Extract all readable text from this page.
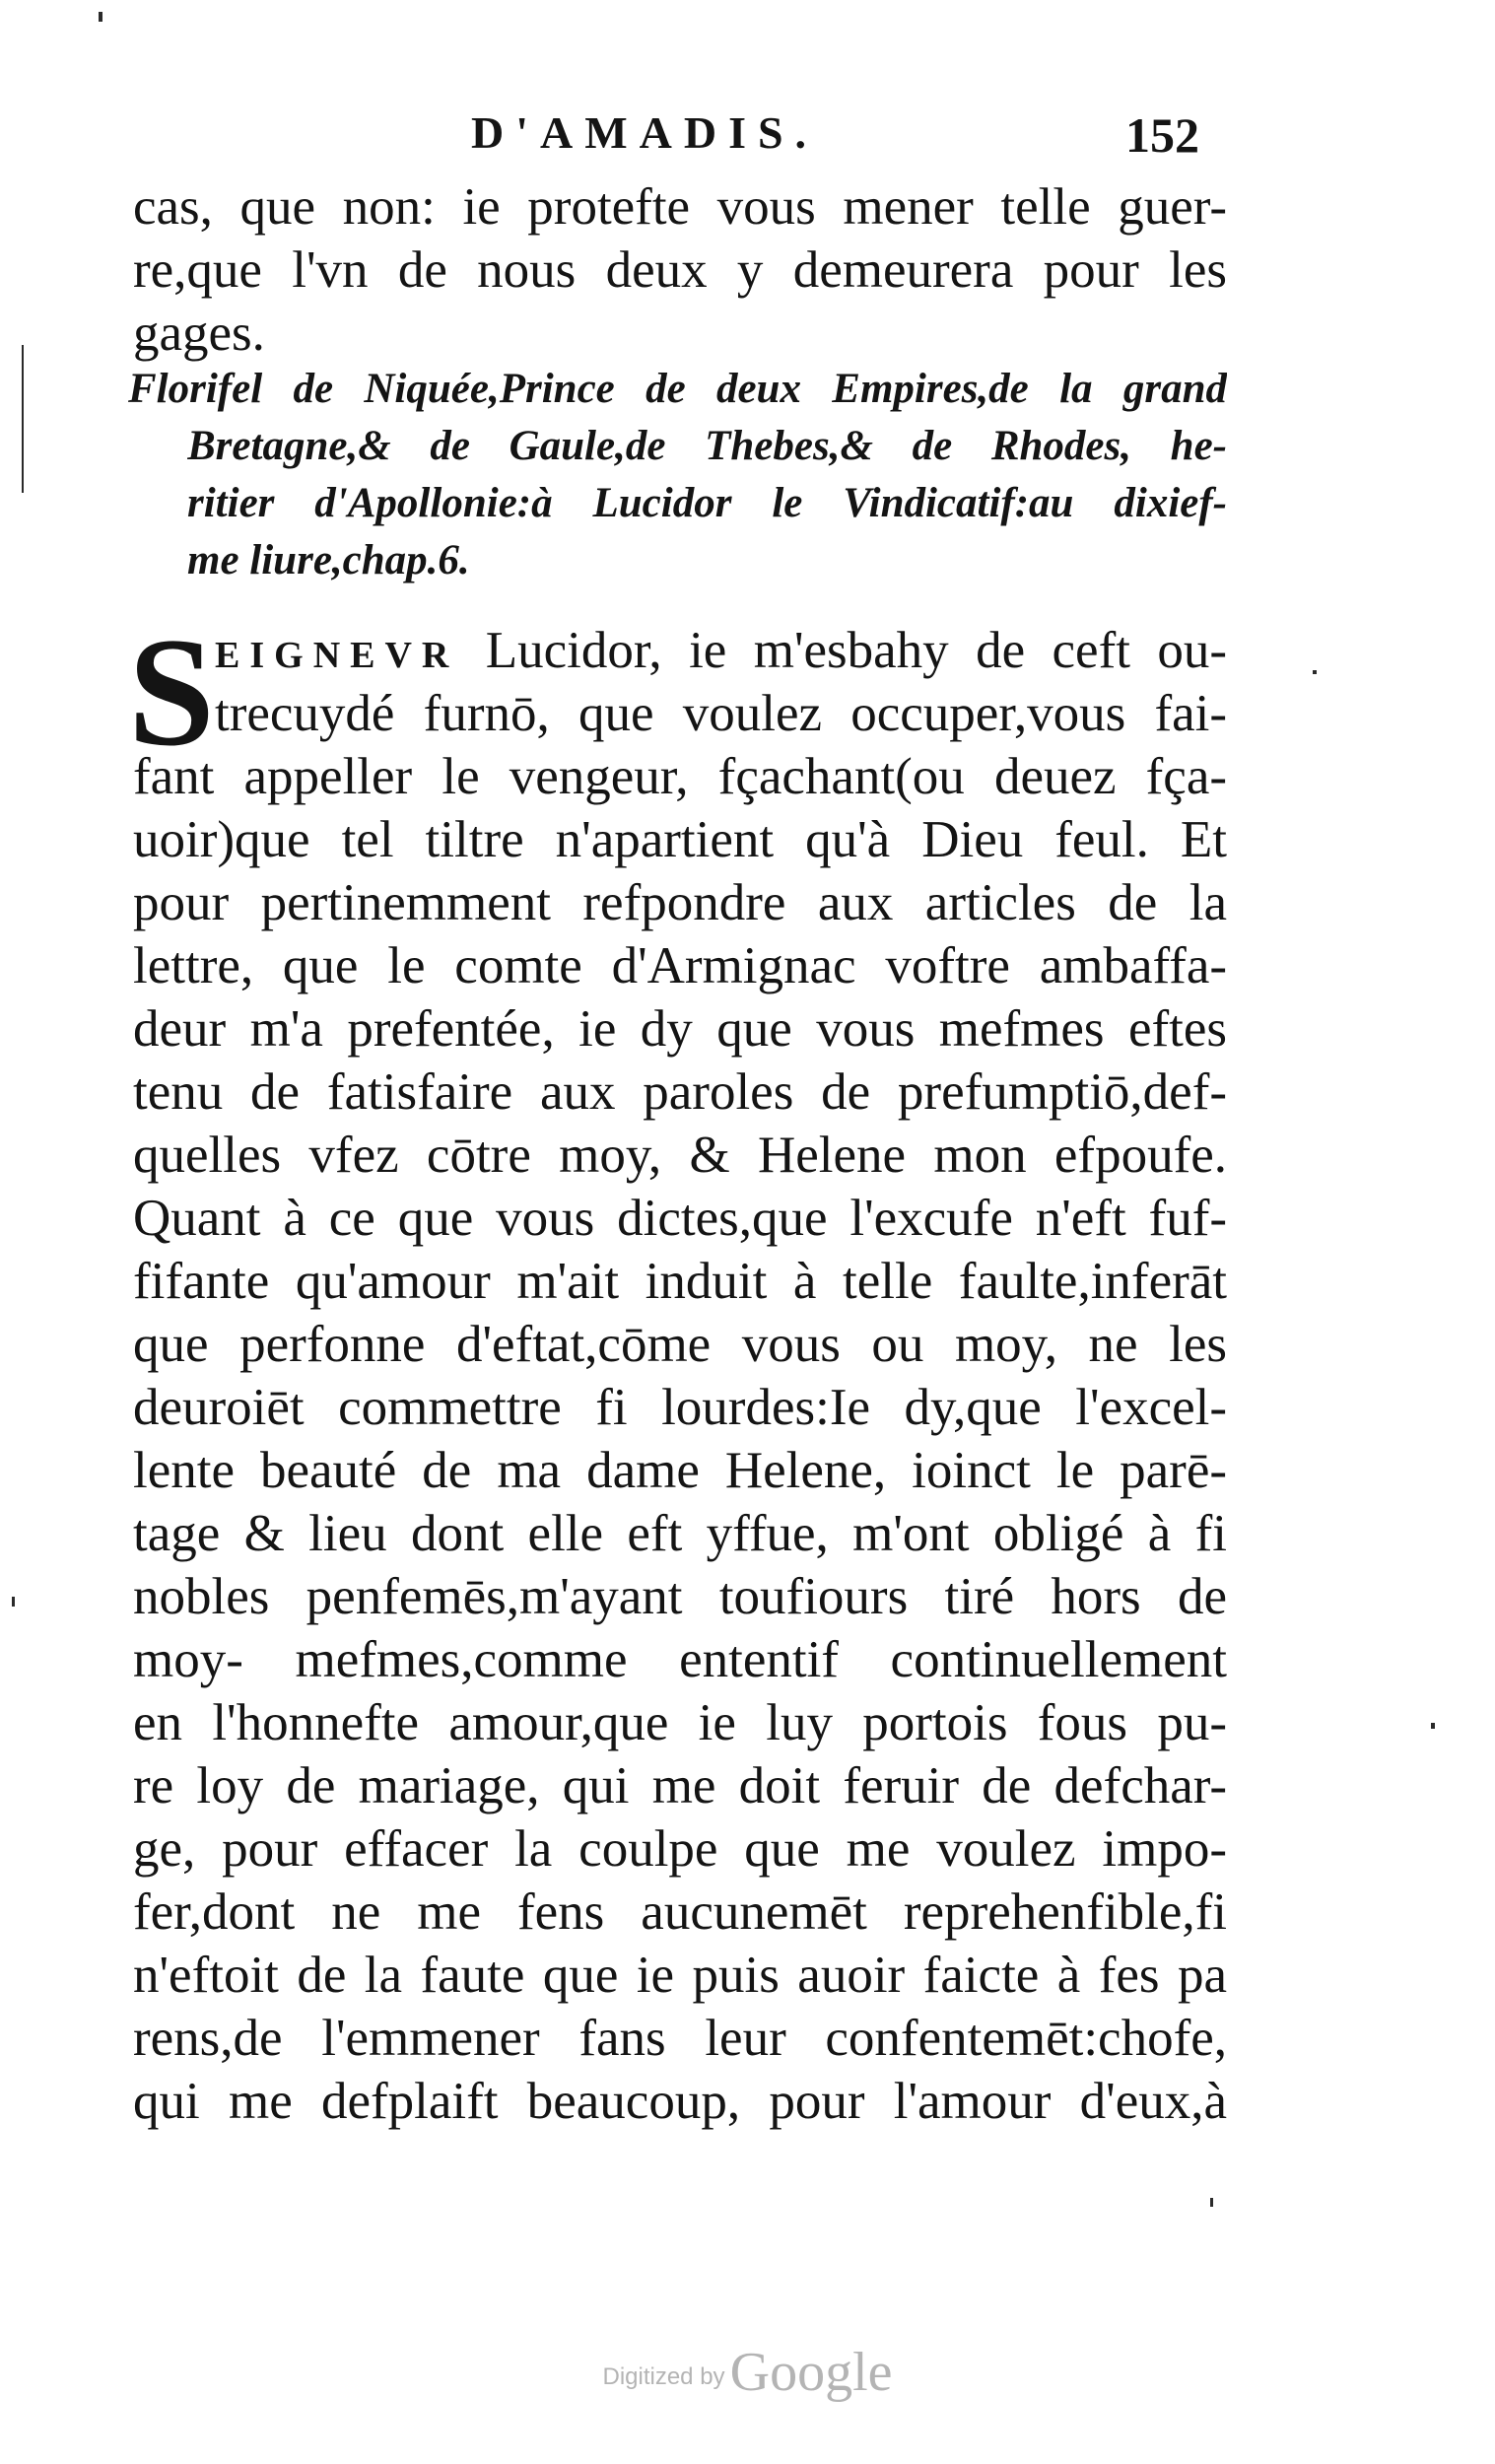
D'AMADIS.	152
cas, que non: ie protefte vous mener telle guer-
re,que l'vn de nous deux y demeurera pour les
gages.
Florifel de Niquée,Prince de deux Empires,de la grand
Bretagne,& de Gaule,de Thebes,& de Rhodes, he-
ritier d'Apollonie:à Lucidor le Vindicatif:au dixief-
me liure,chap.6.
S EIGNEVR Lucidor, ie m'esbahy de ceft ou-
trecuydé furnō, que voulez occuper,vous fai-
fant appeller le vengeur, fçachant(ou deuez fça-
uoir)que tel tiltre n'apartient qu'à Dieu feul. Et
pour pertinemment refpondre aux articles de la
lettre, que le comte d'Armignac voftre ambaffa-
deur m'a prefentée, ie dy que vous mefmes eftes
tenu de fatisfaire aux paroles de prefumptiō,def-
quelles vfez cōtre moy, & Helene mon efpoufe.
Quant à ce que vous dictes,que l'excufe n'eft fuf-
fifante qu'amour m'ait induit à telle faulte,inferāt
que perfonne d'eftat,cōme vous ou moy, ne les
deuroiēt commettre fi lourdes:Ie dy,que l'excel-
lente beauté de ma dame Helene, ioinct le parē-
tage & lieu dont elle eft yffue, m'ont obligé à fi
nobles penfemēs,m'ayant toufiours tiré hors de
moy- mefmes,comme ententif continuellement
en l'honnefte amour,que ie luy portois fous pu-
re loy de mariage, qui me doit feruir de defchar-
ge, pour effacer la coulpe que me voulez impo-
fer,dont ne me fens aucunemēt reprehenfible,fi
n'eftoit de la faute que ie puis auoir faicte à fes pa
rens,de l'emmener fans leur confentemēt:chofe,
qui me defplaift beaucoup, pour l'amour d'eux,à
Digitized by Google
